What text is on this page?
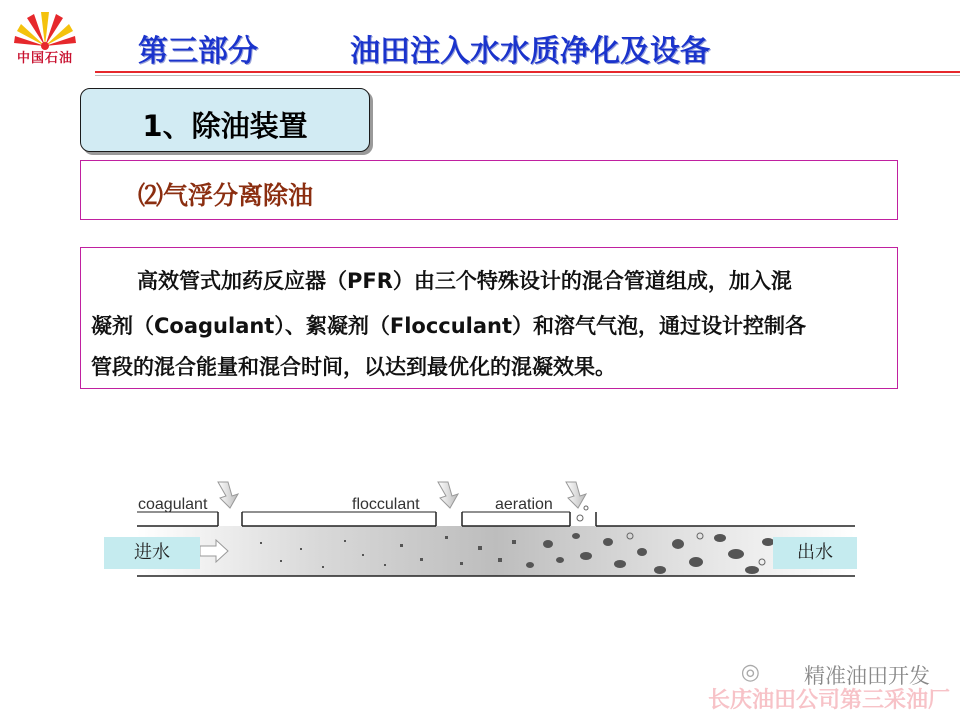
中国石油	第三部分	油田注入水水质净化及设备
1、除油装置
⑵气浮分离除油
高效管式加药反应器（PFR）由三个特殊设计的混合管道组成，加入混
凝剂（Coagulant）、絮凝剂（Flocculant）和溶气气泡，通过设计控制各
管段的混合能量和混合时间，以达到最优化的混凝效果。
coagulant	flocculant	aeration
进水	出水
◎ 精准油田开发
长庆油田公司第三采油厂
